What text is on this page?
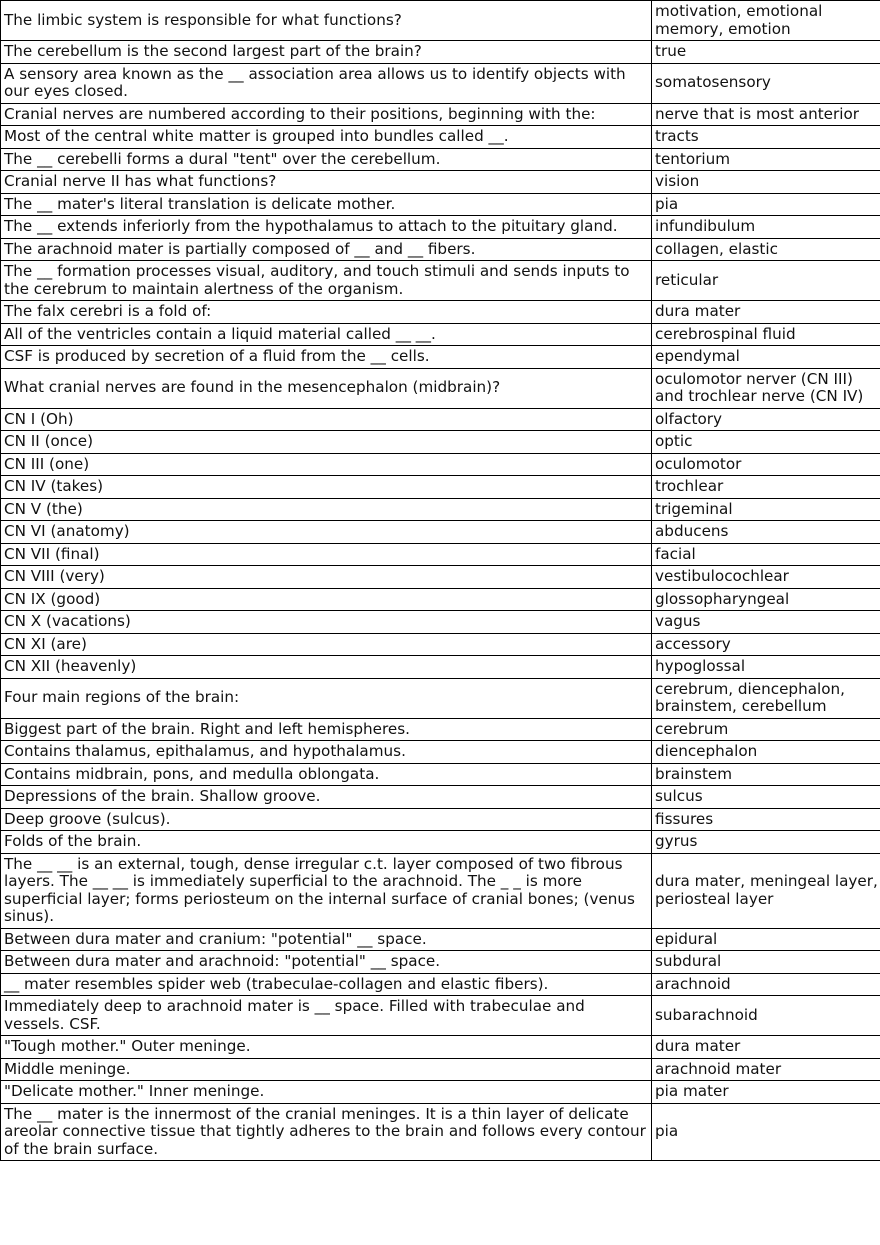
The limbic system is responsible for what functions?	motivation, emotional memory, emotion
The cerebellum is the second largest part of the brain?	true
A sensory area known as the __ association area allows us to identify objects with our eyes closed.	somatosensory
Cranial nerves are numbered according to their positions, beginning with the:	nerve that is most anterior
Most of the central white matter is grouped into bundles called __.	tracts
The __ cerebelli forms a dural "tent" over the cerebellum.	tentorium
Cranial nerve II has what functions?	vision
The __ mater's literal translation is delicate mother.	pia
The __ extends inferiorly from the hypothalamus to attach to the pituitary gland.	infundibulum
The arachnoid mater is partially composed of __ and __ fibers.	collagen, elastic
The __ formation processes visual, auditory, and touch stimuli and sends inputs to the cerebrum to maintain alertness of the organism.	reticular
The falx cerebri is a fold of:	dura mater
All of the ventricles contain a liquid material called __ __.	cerebrospinal fluid
CSF is produced by secretion of a fluid from the __ cells.	ependymal
What cranial nerves are found in the mesencephalon (midbrain)?	oculomotor nerver (CN III) and trochlear nerve (CN IV)
CN I (Oh)	olfactory
CN II (once)	optic
CN III (one)	oculomotor
CN IV (takes)	trochlear
CN V (the)	trigeminal
CN VI (anatomy)	abducens
CN VII (final)	facial
CN VIII (very)	vestibulocochlear
CN IX (good)	glossopharyngeal
CN X (vacations)	vagus
CN XI (are)	accessory
CN XII (heavenly)	hypoglossal
Four main regions of the brain:	cerebrum, diencephalon, brainstem, cerebellum
Biggest part of the brain. Right and left hemispheres.	cerebrum
Contains thalamus, epithalamus, and hypothalamus.	diencephalon
Contains midbrain, pons, and medulla oblongata.	brainstem
Depressions of the brain. Shallow groove.	sulcus
Deep groove (sulcus).	fissures
Folds of the brain.	gyrus
The __ __ is an external, tough, dense irregular c.t. layer composed of two fibrous layers. The __ __ is immediately superficial to the arachnoid. The _ _ is more superficial layer; forms periosteum on the internal surface of cranial bones; (venus sinus).	dura mater, meningeal layer, periosteal layer
Between dura mater and cranium: "potential" __ space.	epidural
Between dura mater and arachnoid: "potential" __ space.	subdural
__ mater resembles spider web (trabeculae-collagen and elastic fibers).	arachnoid
Immediately deep to arachnoid mater is __ space. Filled with trabeculae and vessels. CSF.	subarachnoid
"Tough mother." Outer meninge.	dura mater
Middle meninge.	arachnoid mater
"Delicate mother." Inner meninge.	pia mater
The __ mater is the innermost of the cranial meninges. It is a thin layer of delicate areolar connective tissue that tightly adheres to the brain and follows every contour of the brain surface.	pia
